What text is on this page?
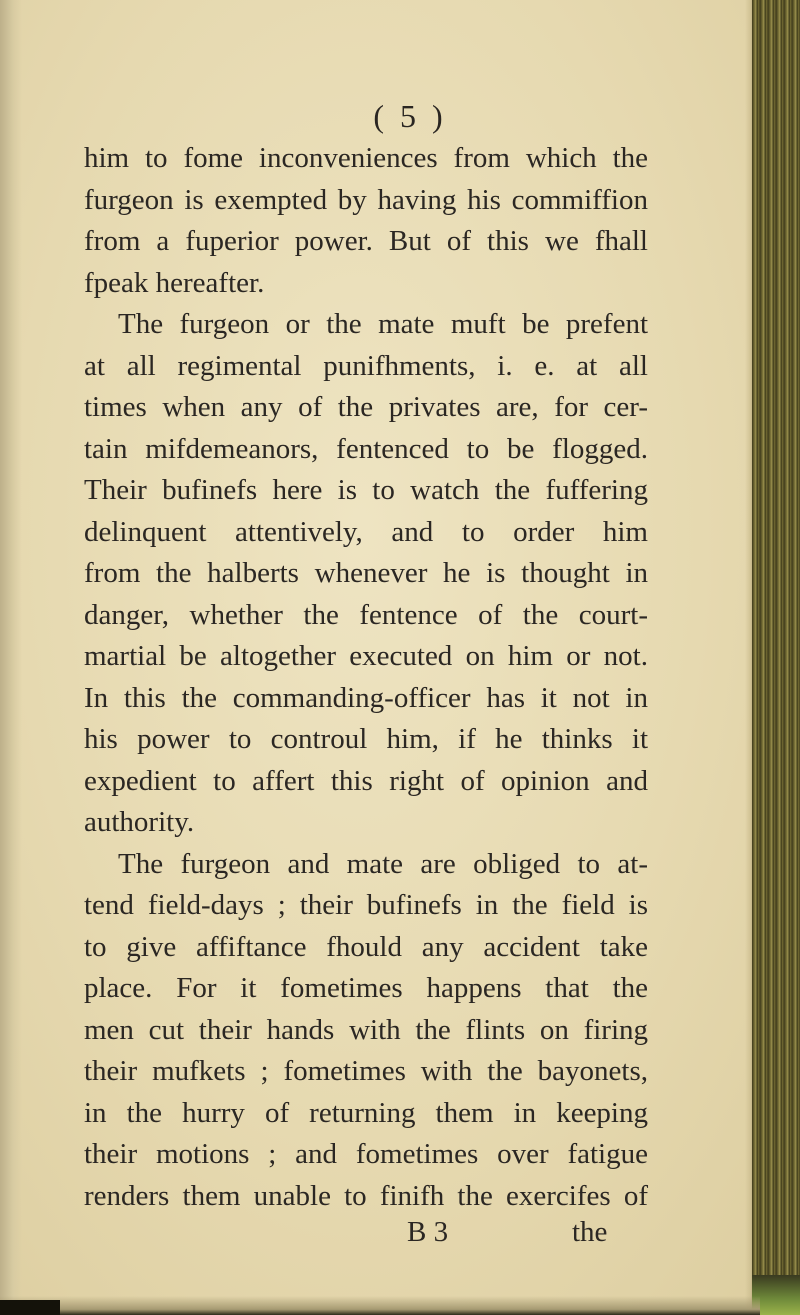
( 5 )
him to fome inconveniences from which the
furgeon is exempted by having his commiffion
from a fuperior power. But of this we fhall
fpeak hereafter.
The furgeon or the mate muft be prefent
at all regimental punifhments, i. e. at all
times when any of the privates are, for cer-
tain mifdemeanors, fentenced to be flogged.
Their bufinefs here is to watch the fuffering
delinquent attentively, and to order him
from the halberts whenever he is thought in
danger, whether the fentence of the court-
martial be altogether executed on him or not.
In this the commanding-officer has it not in
his power to controul him, if he thinks it
expedient to affert this right of opinion and
authority.
The furgeon and mate are obliged to at-
tend field-days ; their bufinefs in the field is
to give affiftance fhould any accident take
place. For it fometimes happens that the
men cut their hands with the flints on firing
their mufkets ; fometimes with the bayonets,
in the hurry of returning them in keeping
their motions ; and fometimes over fatigue
renders them unable to finifh the exercifes of
B 3	the
